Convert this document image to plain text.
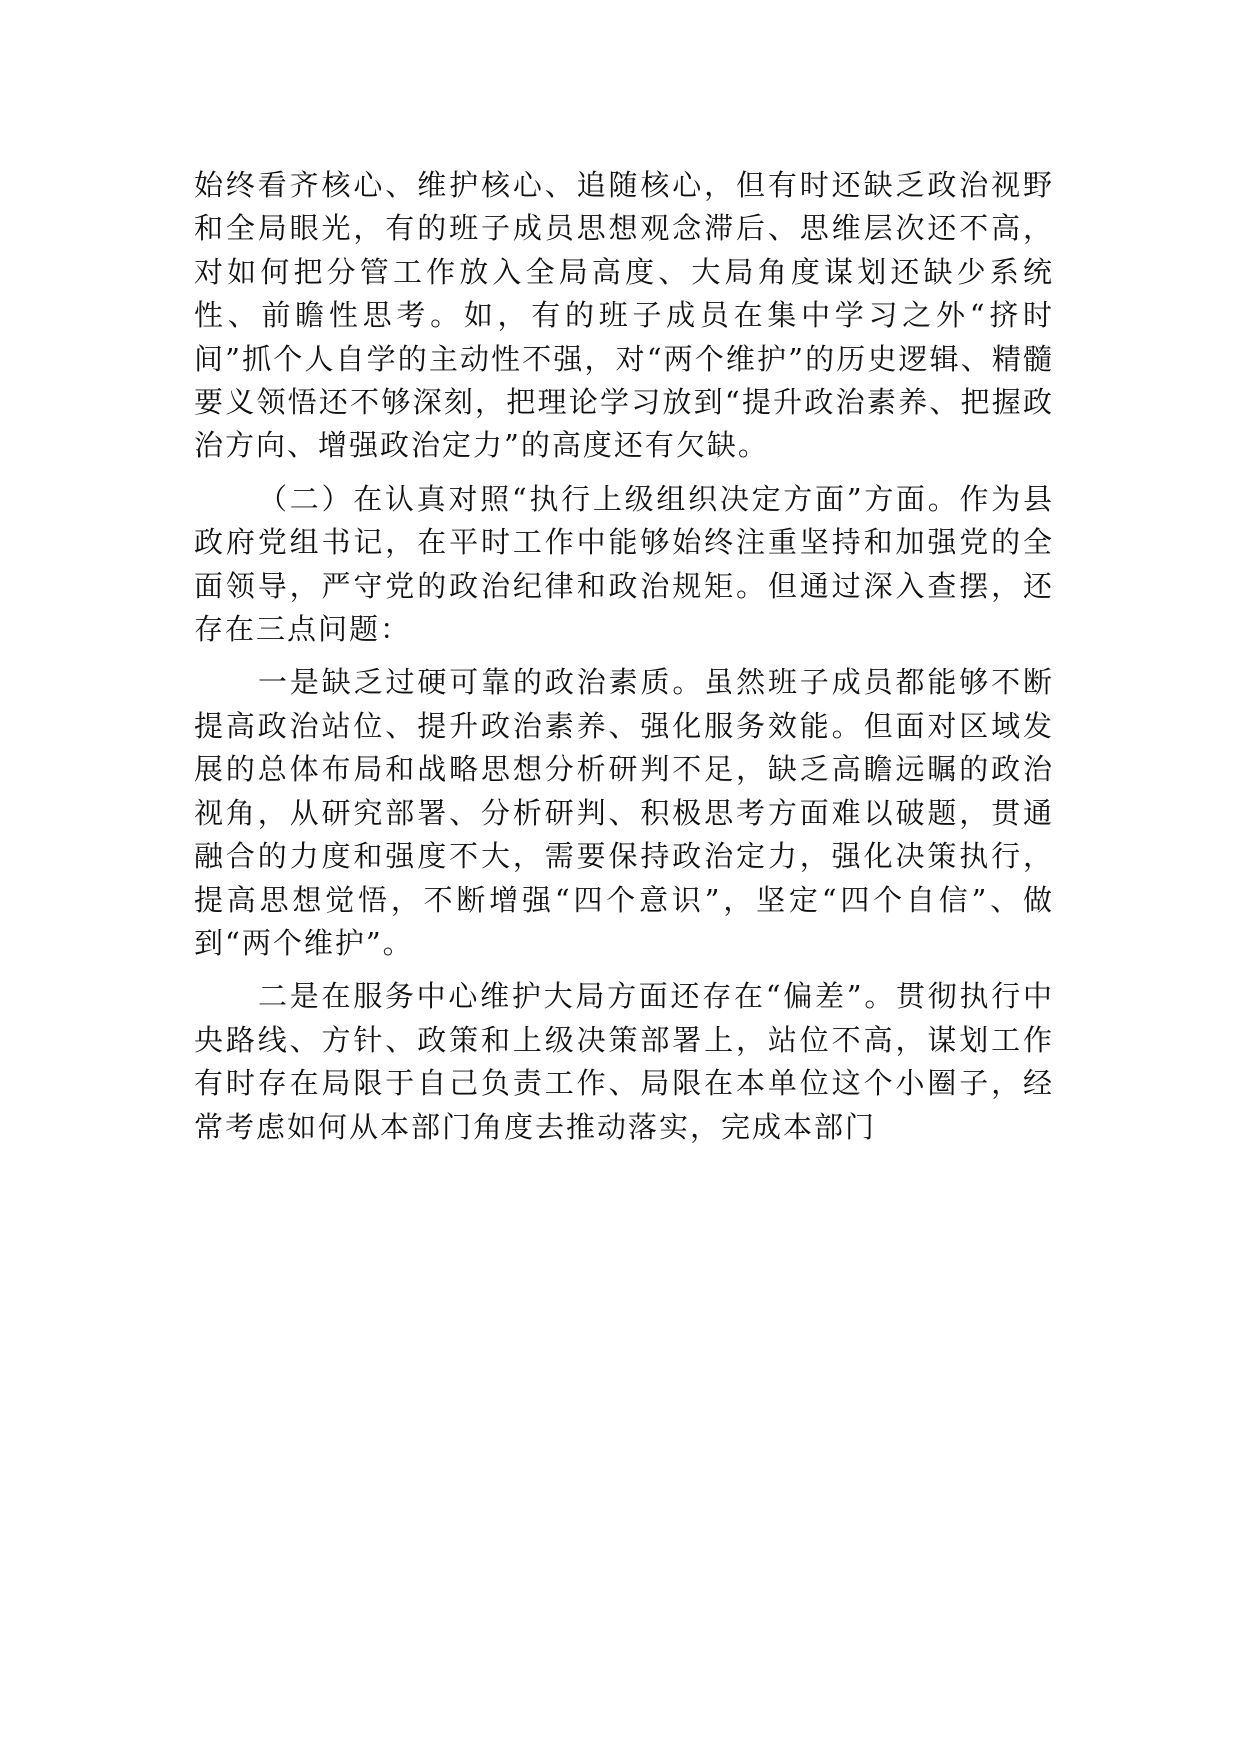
始终看齐核心、维护核心、追随核心，但有时还缺乏政治视野和全局眼光，有的班子成员思想观念滞后、思维层次还不高，对如何把分管工作放入全局高度、大局角度谋划还缺少系统性、前瞻性思考。如，有的班子成员在集中学习之外“挤时间”抓个人自学的主动性不强，对“两个维护”的历史逻辑、精髓要义领悟还不够深刻，把理论学习放到“提升政治素养、把握政治方向、增强政治定力”的高度还有欠缺。

（二）在认真对照“执行上级组织决定方面”方面。作为县政府党组书记，在平时工作中能够始终注重坚持和加强党的全面领导，严守党的政治纪律和政治规矩。但通过深入查摆，还存在三点问题：

一是缺乏过硬可靠的政治素质。虽然班子成员都能够不断提高政治站位、提升政治素养、强化服务效能。但面对区域发展的总体布局和战略思想分析研判不足，缺乏高瞻远瞩的政治视角，从研究部署、分析研判、积极思考方面难以破题，贯通融合的力度和强度不大，需要保持政治定力，强化决策执行，提高思想觉悟，不断增强“四个意识”，坚定“四个自信”、做到“两个维护”。

二是在服务中心维护大局方面还存在“偏差”。贯彻执行中央路线、方针、政策和上级决策部署上，站位不高，谋划工作有时存在局限于自己负责工作、局限在本单位这个小圈子，经常考虑如何从本部门角度去推动落实，完成本部门
